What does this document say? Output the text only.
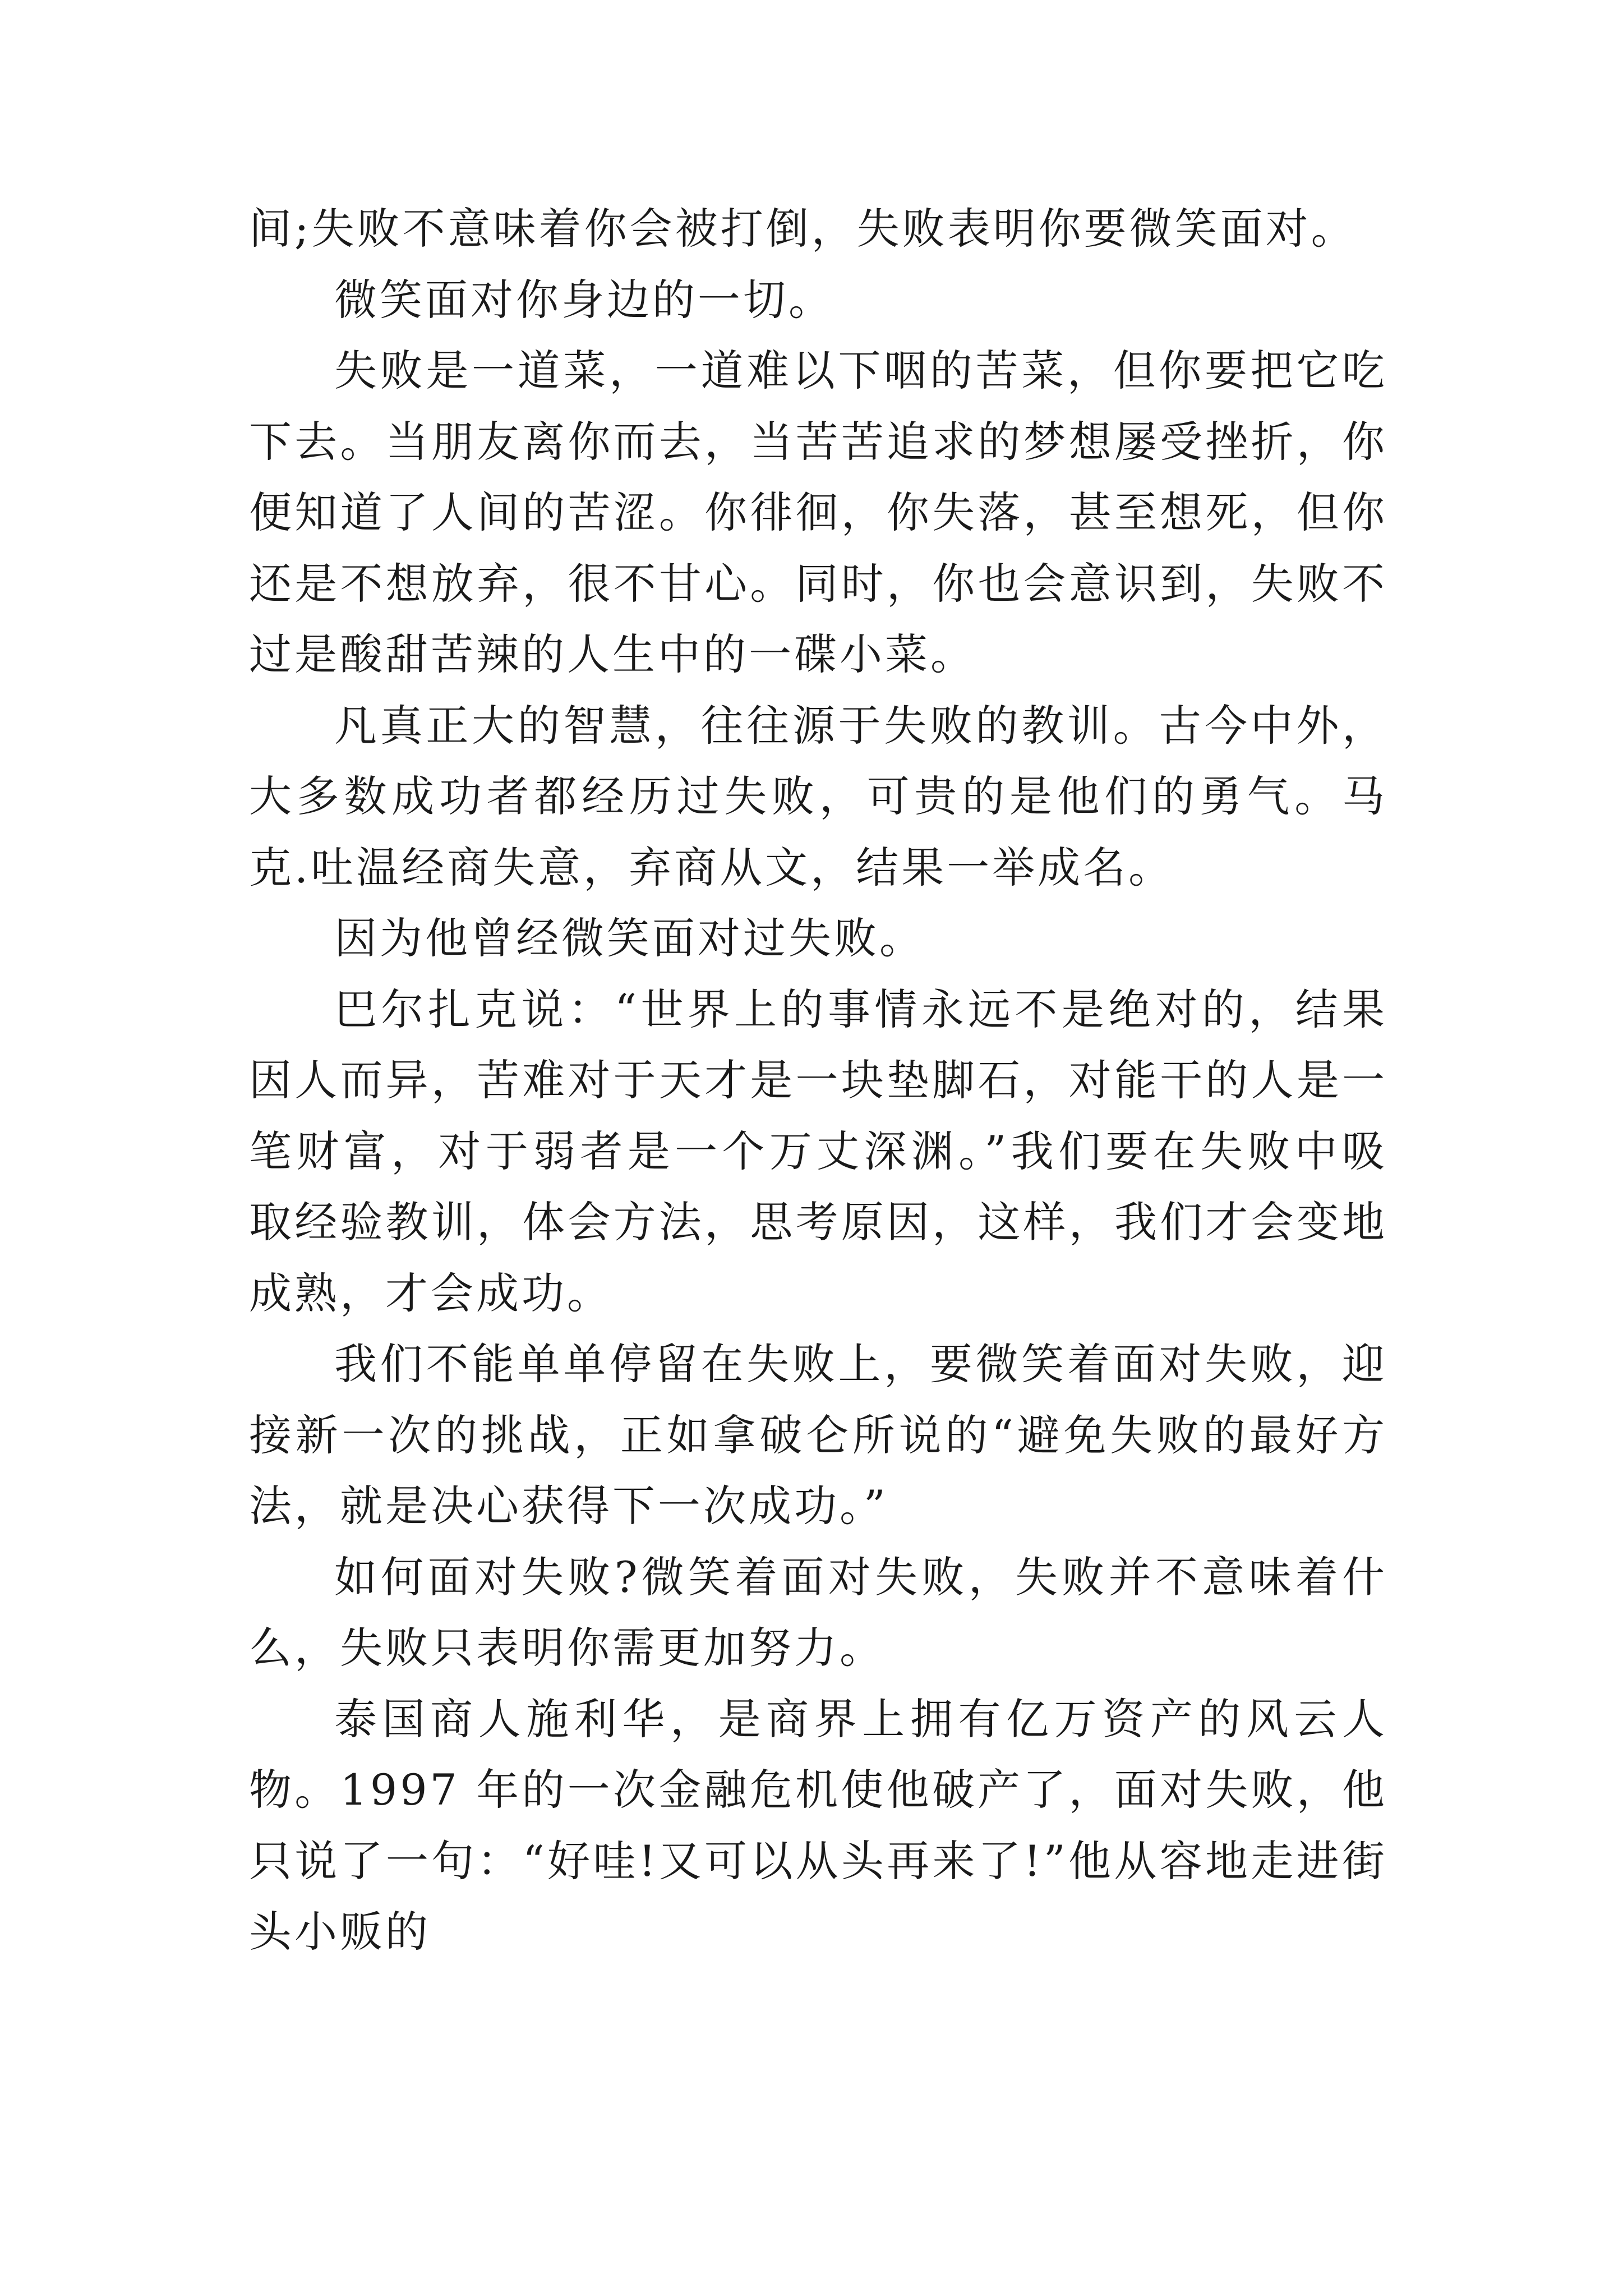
间;失败不意味着你会被打倒，失败表明你要微笑面对。

微笑面对你身边的一切。

失败是一道菜，一道难以下咽的苦菜，但你要把它吃下去。当朋友离你而去，当苦苦追求的梦想屡受挫折，你便知道了人间的苦涩。你徘徊，你失落，甚至想死，但你还是不想放弃，很不甘心。同时，你也会意识到，失败不过是酸甜苦辣的人生中的一碟小菜。

凡真正大的智慧，往往源于失败的教训。古今中外，大多数成功者都经历过失败，可贵的是他们的勇气。马克.吐温经商失意，弃商从文，结果一举成名。

因为他曾经微笑面对过失败。

巴尔扎克说：“世界上的事情永远不是绝对的，结果因人而异，苦难对于天才是一块垫脚石，对能干的人是一笔财富，对于弱者是一个万丈深渊。”我们要在失败中吸取经验教训，体会方法，思考原因，这样，我们才会变地成熟，才会成功。

我们不能单单停留在失败上，要微笑着面对失败，迎接新一次的挑战，正如拿破仑所说的“避免失败的最好方法，就是决心获得下一次成功。”

如何面对失败?微笑着面对失败，失败并不意味着什么，失败只表明你需更加努力。

泰国商人施利华，是商界上拥有亿万资产的风云人物。1997 年的一次金融危机使他破产了，面对失败，他只说了一句：“好哇!又可以从头再来了!”他从容地走进街头小贩的
